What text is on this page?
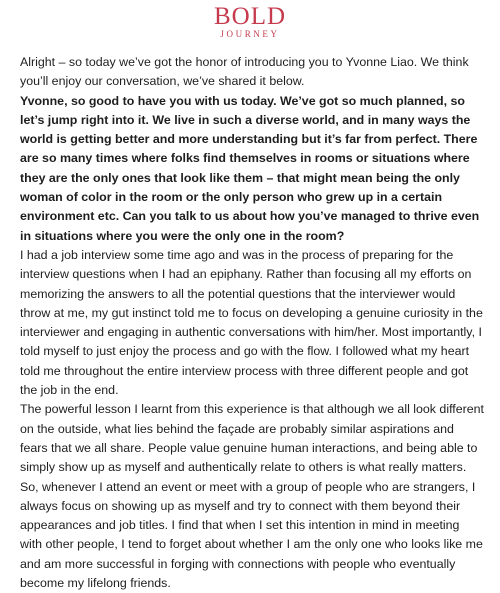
BOLD
JOURNEY

Alright – so today we’ve got the honor of introducing you to Yvonne Liao. We think you’ll enjoy our conversation, we’ve shared it below.

Yvonne, so good to have you with us today. We’ve got so much planned, so let’s jump right into it. We live in such a diverse world, and in many ways the world is getting better and more understanding but it’s far from perfect. There are so many times where folks find themselves in rooms or situations where they are the only ones that look like them – that might mean being the only woman of color in the room or the only person who grew up in a certain environment etc. Can you talk to us about how you’ve managed to thrive even in situations where you were the only one in the room?

I had a job interview some time ago and was in the process of preparing for the interview questions when I had an epiphany. Rather than focusing all my efforts on memorizing the answers to all the potential questions that the interviewer would throw at me, my gut instinct told me to focus on developing a genuine curiosity in the interviewer and engaging in authentic conversations with him/her. Most importantly, I told myself to just enjoy the process and go with the flow. I followed what my heart told me throughout the entire interview process with three different people and got the job in the end.

The powerful lesson I learnt from this experience is that although we all look different on the outside, what lies behind the façade are probably similar aspirations and fears that we all share. People value genuine human interactions, and being able to simply show up as myself and authentically relate to others is what really matters. So, whenever I attend an event or meet with a group of people who are strangers, I always focus on showing up as myself and try to connect with them beyond their appearances and job titles. I find that when I set this intention in mind in meeting with other people, I tend to forget about whether I am the only one who looks like me and am more successful in forging with connections with people who eventually become my lifelong friends.
